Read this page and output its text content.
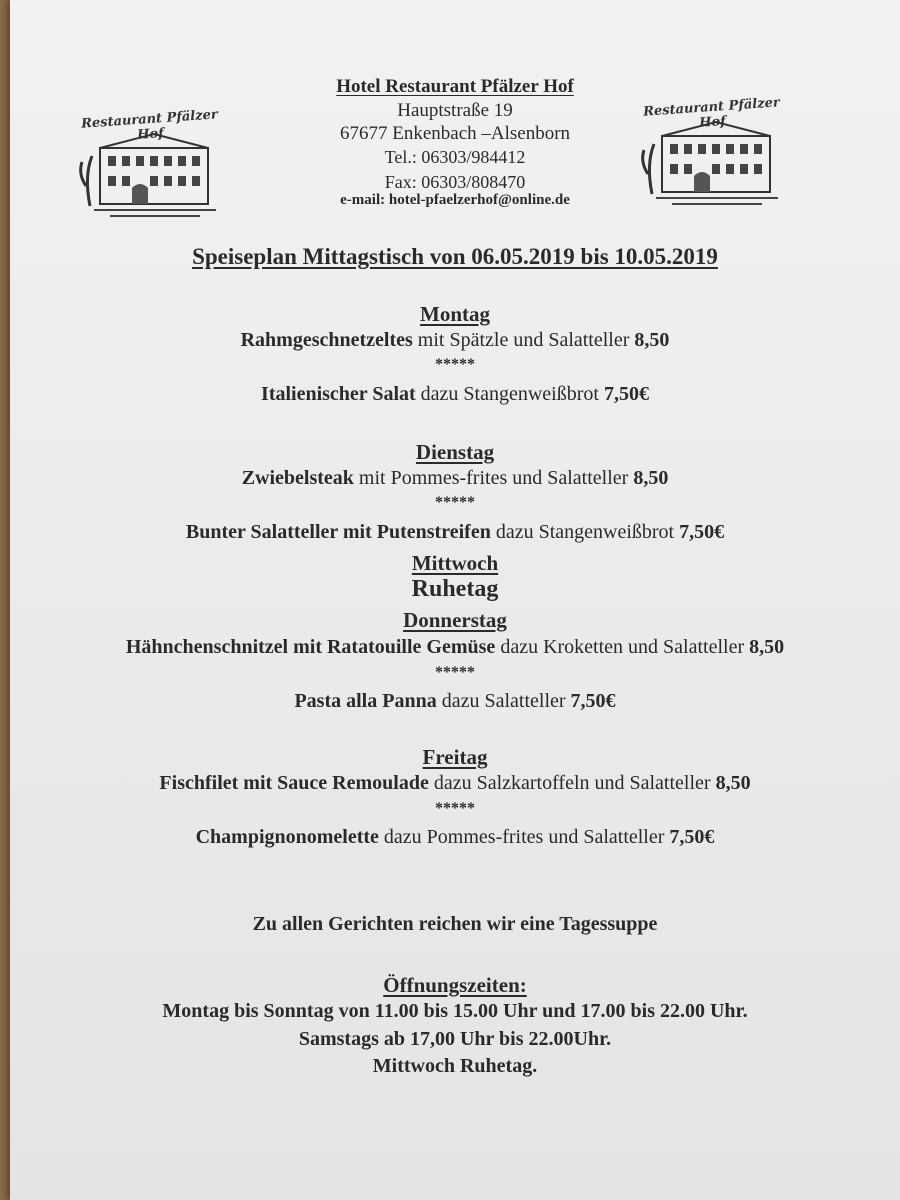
Restaurant Pfälzer Hof
Restaurant Pfälzer Hof
Hotel Restaurant Pfälzer Hof
Hauptstraße 19
67677 Enkenbach –Alsenborn
Tel.: 06303/984412
Fax: 06303/808470
e-mail: hotel-pfaelzerhof@online.de
Speiseplan Mittagstisch von 06.05.2019 bis 10.05.2019
Montag
Rahmgeschnetzeltes mit Spätzle und Salatteller 8,50
*****
Italienischer Salat dazu Stangenweißbrot 7,50€
Dienstag
Zwiebelsteak mit Pommes-frites und Salatteller 8,50
*****
Bunter Salatteller mit Putenstreifen dazu Stangenweißbrot 7,50€
Mittwoch
Ruhetag
Donnerstag
Hähnchenschnitzel mit Ratatouille Gemüse dazu Kroketten und Salatteller 8,50
*****
Pasta alla Panna dazu Salatteller 7,50€
Freitag
Fischfilet mit Sauce Remoulade dazu Salzkartoffeln und Salatteller 8,50
*****
Champignonomelette dazu Pommes-frites und Salatteller 7,50€
Zu allen Gerichten reichen wir eine Tagessuppe
Öffnungszeiten:
Montag bis Sonntag von 11.00 bis 15.00 Uhr und 17.00 bis 22.00 Uhr.
Samstags ab 17,00 Uhr bis 22.00Uhr.
Mittwoch Ruhetag.
